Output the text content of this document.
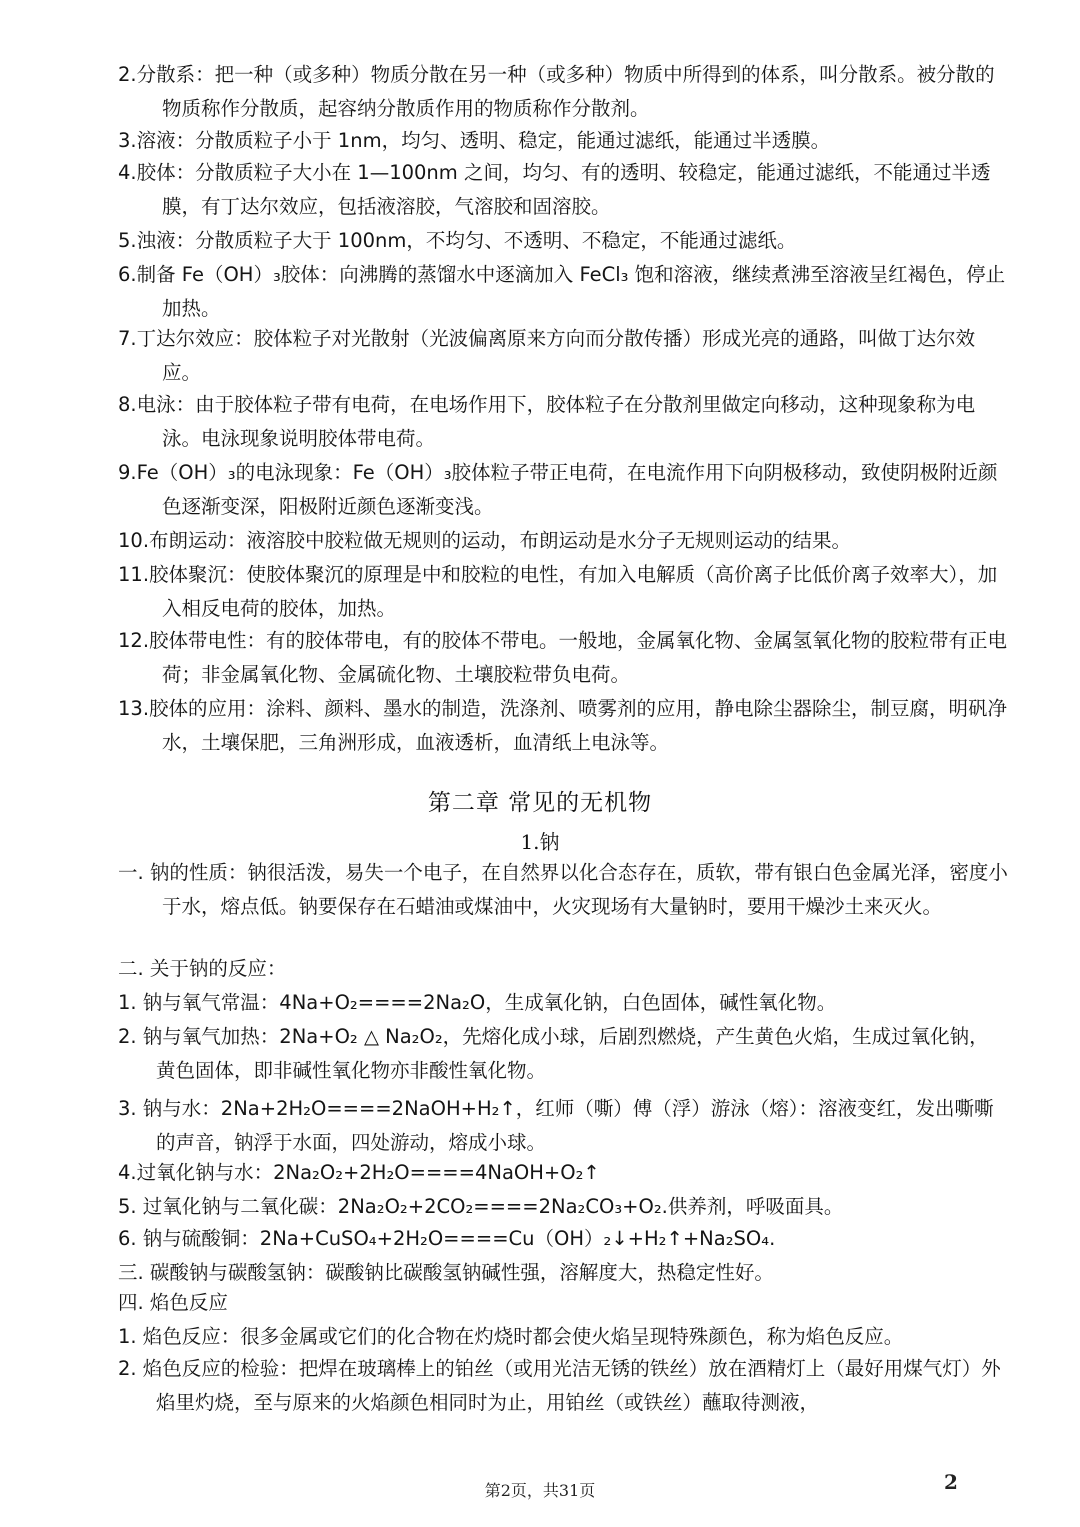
2.分散系：把一种（或多种）物质分散在另一种（或多种）物质中所得到的体系，叫分散系。被分散的物质称作分散质，起容纳分散质作用的物质称作分散剂。
3.溶液：分散质粒子小于 1nm，均匀、透明、稳定，能通过滤纸，能通过半透膜。
4.胶体：分散质粒子大小在 1—100nm 之间，均匀、有的透明、较稳定，能通过滤纸，不能通过半透膜，有丁达尔效应，包括液溶胶，气溶胶和固溶胶。
5.浊液：分散质粒子大于 100nm，不均匀、不透明、不稳定，不能通过滤纸。
6.制备 Fe（OH）₃胶体：向沸腾的蒸馏水中逐滴加入 FeCl₃ 饱和溶液，继续煮沸至溶液呈红褐色，停止加热。
7.丁达尔效应：胶体粒子对光散射（光波偏离原来方向而分散传播）形成光亮的通路，叫做丁达尔效应。
8.电泳：由于胶体粒子带有电荷，在电场作用下，胶体粒子在分散剂里做定向移动，这种现象称为电泳。电泳现象说明胶体带电荷。
9.Fe（OH）₃的电泳现象：Fe（OH）₃胶体粒子带正电荷，在电流作用下向阴极移动，致使阴极附近颜色逐渐变深，阳极附近颜色逐渐变浅。
10.布朗运动：液溶胶中胶粒做无规则的运动，布朗运动是水分子无规则运动的结果。
11.胶体聚沉：使胶体聚沉的原理是中和胶粒的电性，有加入电解质（高价离子比低价离子效率大），加入相反电荷的胶体，加热。
12.胶体带电性：有的胶体带电，有的胶体不带电。一般地，金属氧化物、金属氢氧化物的胶粒带有正电荷；非金属氧化物、金属硫化物、土壤胶粒带负电荷。
13.胶体的应用：涂料、颜料、墨水的制造，洗涤剂、喷雾剂的应用，静电除尘器除尘，制豆腐，明矾净水，土壤保肥，三角洲形成，血液透析，血清纸上电泳等。
第二章 常见的无机物
1.钠
一. 钠的性质：钠很活泼，易失一个电子，在自然界以化合态存在，质软，带有银白色金属光泽，密度小于水，熔点低。钠要保存在石蜡油或煤油中，火灾现场有大量钠时，要用干燥沙土来灭火。
二. 关于钠的反应：
1. 钠与氧气常温：4Na+O₂====2Na₂O，生成氧化钠，白色固体，碱性氧化物。
2. 钠与氧气加热：2Na+O₂ △ Na₂O₂，先熔化成小球，后剧烈燃烧，产生黄色火焰，生成过氧化钠，黄色固体，即非碱性氧化物亦非酸性氧化物。
3. 钠与水：2Na+2H₂O====2NaOH+H₂↑，红师（嘶）傅（浮）游泳（熔）：溶液变红，发出嘶嘶的声音，钠浮于水面，四处游动，熔成小球。
4.过氧化钠与水：2Na₂O₂+2H₂O====4NaOH+O₂↑
5. 过氧化钠与二氧化碳：2Na₂O₂+2CO₂====2Na₂CO₃+O₂.供养剂，呼吸面具。
6. 钠与硫酸铜：2Na+CuSO₄+2H₂O====Cu（OH）₂↓+H₂↑+Na₂SO₄.
三. 碳酸钠与碳酸氢钠：碳酸钠比碳酸氢钠碱性强，溶解度大，热稳定性好。
四. 焰色反应
1. 焰色反应：很多金属或它们的化合物在灼烧时都会使火焰呈现特殊颜色，称为焰色反应。
2. 焰色反应的检验：把焊在玻璃棒上的铂丝（或用光洁无锈的铁丝）放在酒精灯上（最好用煤气灯）外焰里灼烧，至与原来的火焰颜色相同时为止，用铂丝（或铁丝）蘸取待测液，
第2页，共31页	2
